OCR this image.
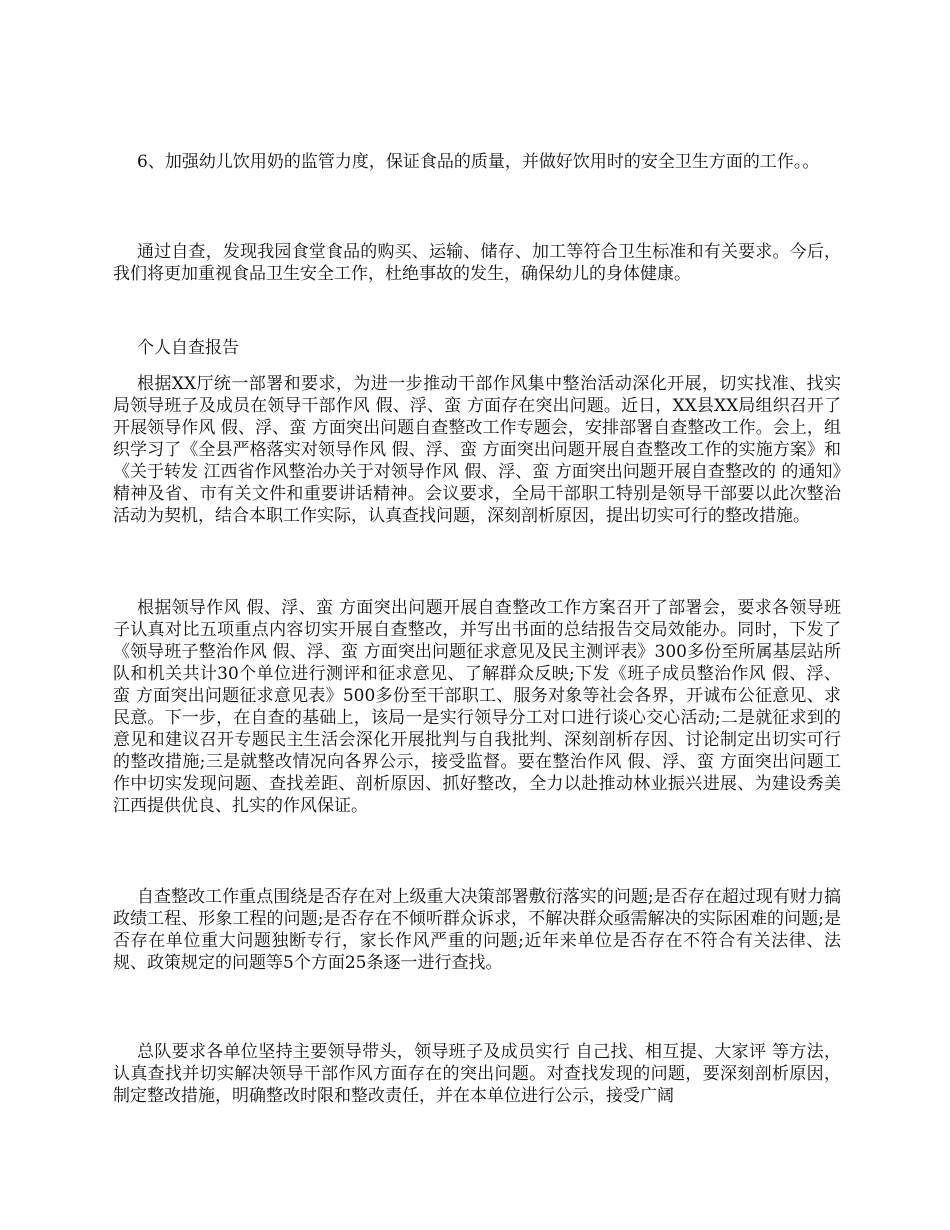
6、加强幼儿饮用奶的监管力度，保证食品的质量，并做好饮用时的安全卫生方面的工作。。

通过自查，发现我园食堂食品的购买、运输、储存、加工等符合卫生标准和有关要求。今后，我们将更加重视食品卫生安全工作，杜绝事故的发生，确保幼儿的身体健康。

个人自查报告

根据XX厅统一部署和要求，为进一步推动干部作风集中整治活动深化开展，切实找准、找实局领导班子及成员在领导干部作风 假、浮、蛮 方面存在突出问题。近日，XX县XX局组织召开了开展领导作风 假、浮、蛮 方面突出问题自查整改工作专题会，安排部署自查整改工作。会上，组织学习了《全县严格落实对领导作风 假、浮、蛮 方面突出问题开展自查整改工作的实施方案》和《关于转发 江西省作风整治办关于对领导作风 假、浮、蛮 方面突出问题开展自查整改的 的通知》精神及省、市有关文件和重要讲话精神。会议要求，全局干部职工特别是领导干部要以此次整治活动为契机，结合本职工作实际，认真查找问题，深刻剖析原因，提出切实可行的整改措施。

根据领导作风 假、浮、蛮 方面突出问题开展自查整改工作方案召开了部署会，要求各领导班子认真对比五项重点内容切实开展自查整改，并写出书面的总结报告交局效能办。同时，下发了《领导班子整治作风 假、浮、蛮 方面突出问题征求意见及民主测评表》300多份至所属基层站所队和机关共计30个单位进行测评和征求意见、了解群众反映;下发《班子成员整治作风 假、浮、蛮 方面突出问题征求意见表》500多份至干部职工、服务对象等社会各界，开诚布公征意见、求民意。下一步，在自查的基础上，该局一是实行领导分工对口进行谈心交心活动;二是就征求到的意见和建议召开专题民主生活会深化开展批判与自我批判、深刻剖析存因、讨论制定出切实可行的整改措施;三是就整改情况向各界公示，接受监督。要在整治作风 假、浮、蛮 方面突出问题工作中切实发现问题、查找差距、剖析原因、抓好整改，全力以赴推动林业振兴进展、为建设秀美江西提供优良、扎实的作风保证。

自查整改工作重点围绕是否存在对上级重大决策部署敷衍落实的问题;是否存在超过现有财力搞政绩工程、形象工程的问题;是否存在不倾听群众诉求，不解决群众亟需解决的实际困难的问题;是否存在单位重大问题独断专行，家长作风严重的问题;近年来单位是否存在不符合有关法律、法规、政策规定的问题等5个方面25条逐一进行查找。

总队要求各单位坚持主要领导带头，领导班子及成员实行 自己找、相互提、大家评 等方法，认真查找并切实解决领导干部作风方面存在的突出问题。对查找发现的问题，要深刻剖析原因，制定整改措施，明确整改时限和整改责任，并在本单位进行公示，接受广阔
